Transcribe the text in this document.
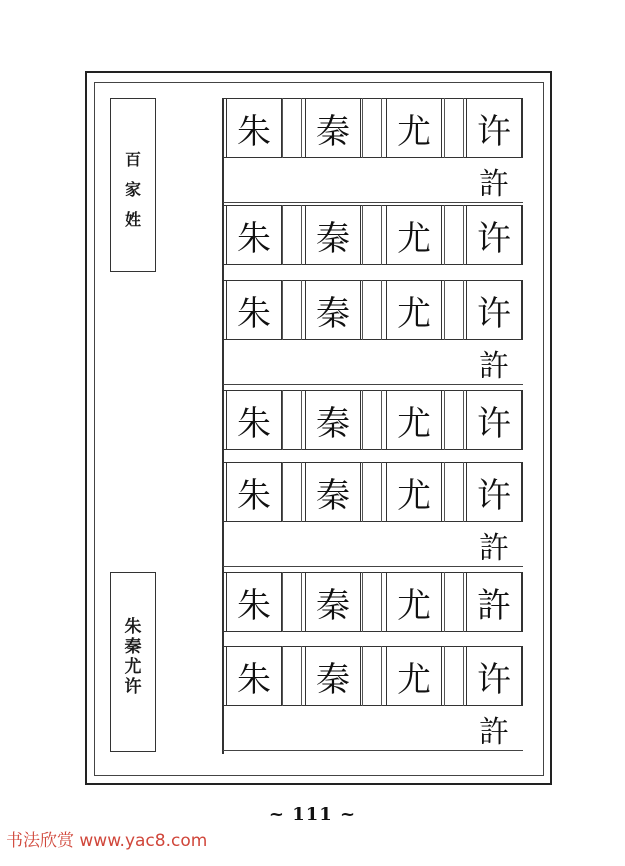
百
家
姓
朱
秦
尤
许
朱	秦	尤	许
許
朱	秦	尤	许
朱	秦	尤	许
許
朱	秦	尤	许
朱	秦	尤	许
許
朱	秦	尤	許
朱	秦	尤	许
許
~ 111 ~
书法欣赏 www.yac8.com
